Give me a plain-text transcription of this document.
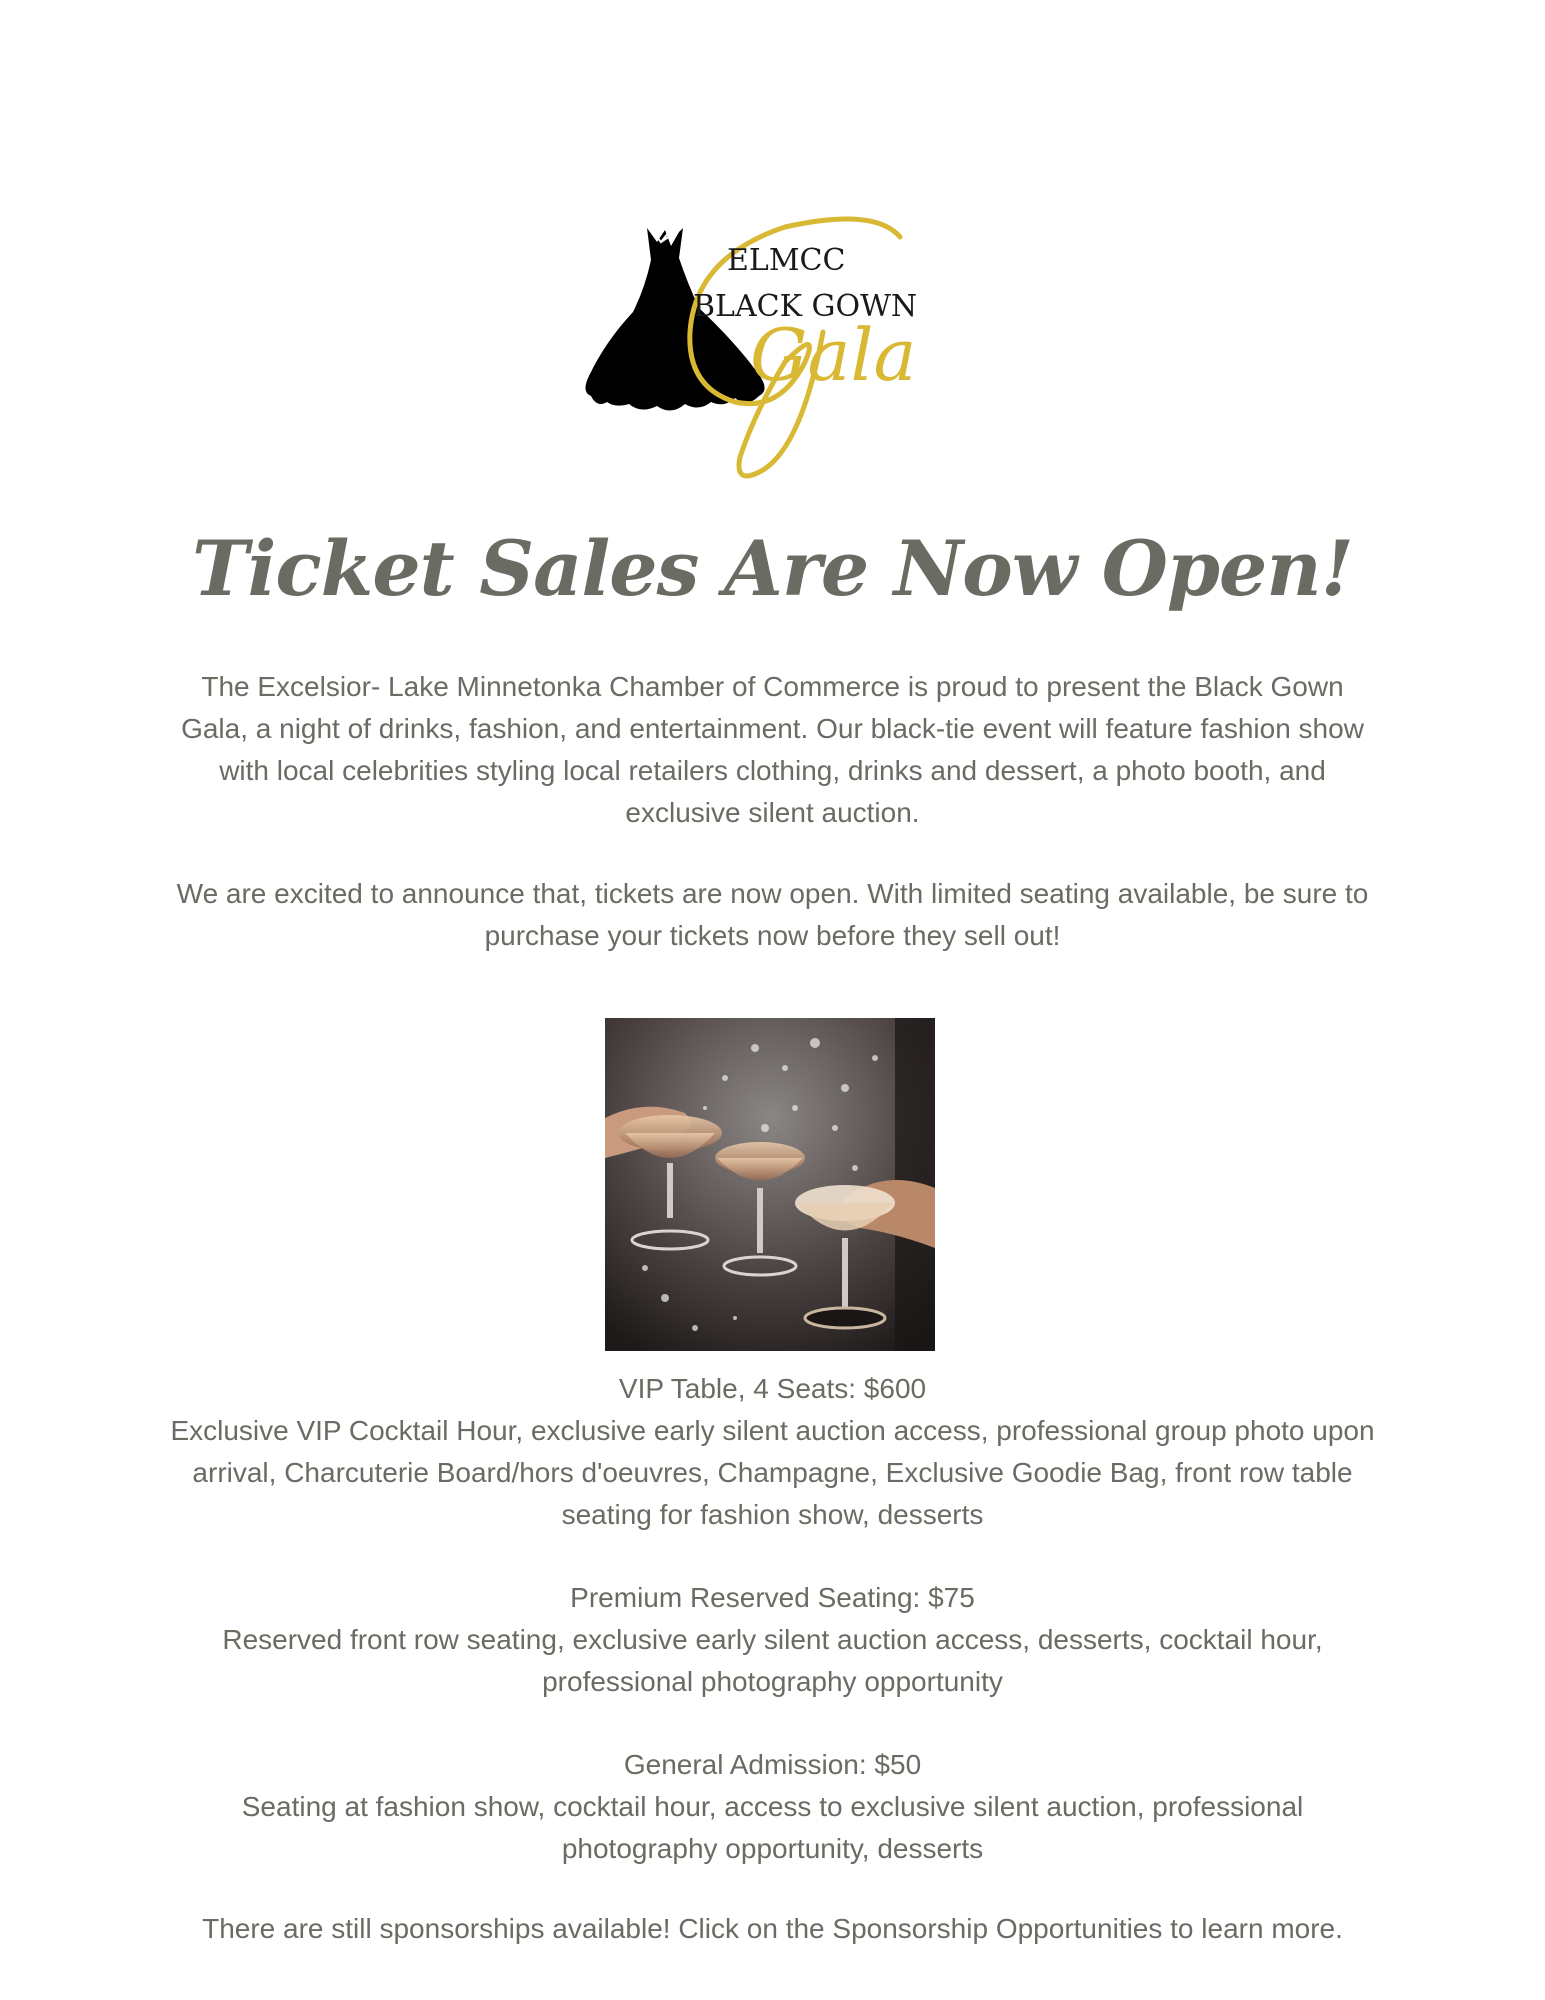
ELMCC
BLACK GOWN
Gala
Ticket Sales Are Now Open!

The Excelsior- Lake Minnetonka Chamber of Commerce is proud to present the Black Gown Gala, a night of drinks, fashion, and entertainment. Our black-tie event will feature fashion show with local celebrities styling local retailers clothing, drinks and dessert, a photo booth, and exclusive silent auction.

We are excited to announce that, tickets are now open. With limited seating available, be sure to purchase your tickets now before they sell out!

VIP Table, 4 Seats: $600

Exclusive VIP Cocktail Hour, exclusive early silent auction access, professional group photo upon arrival, Charcuterie Board/hors d'oeuvres, Champagne, Exclusive Goodie Bag, front row table seating for fashion show, desserts

Premium Reserved Seating: $75

Reserved front row seating, exclusive early silent auction access, desserts, cocktail hour, professional photography opportunity

General Admission: $50

Seating at fashion show, cocktail hour, access to exclusive silent auction, professional photography opportunity, desserts

There are still sponsorships available! Click on the Sponsorship Opportunities to learn more.
